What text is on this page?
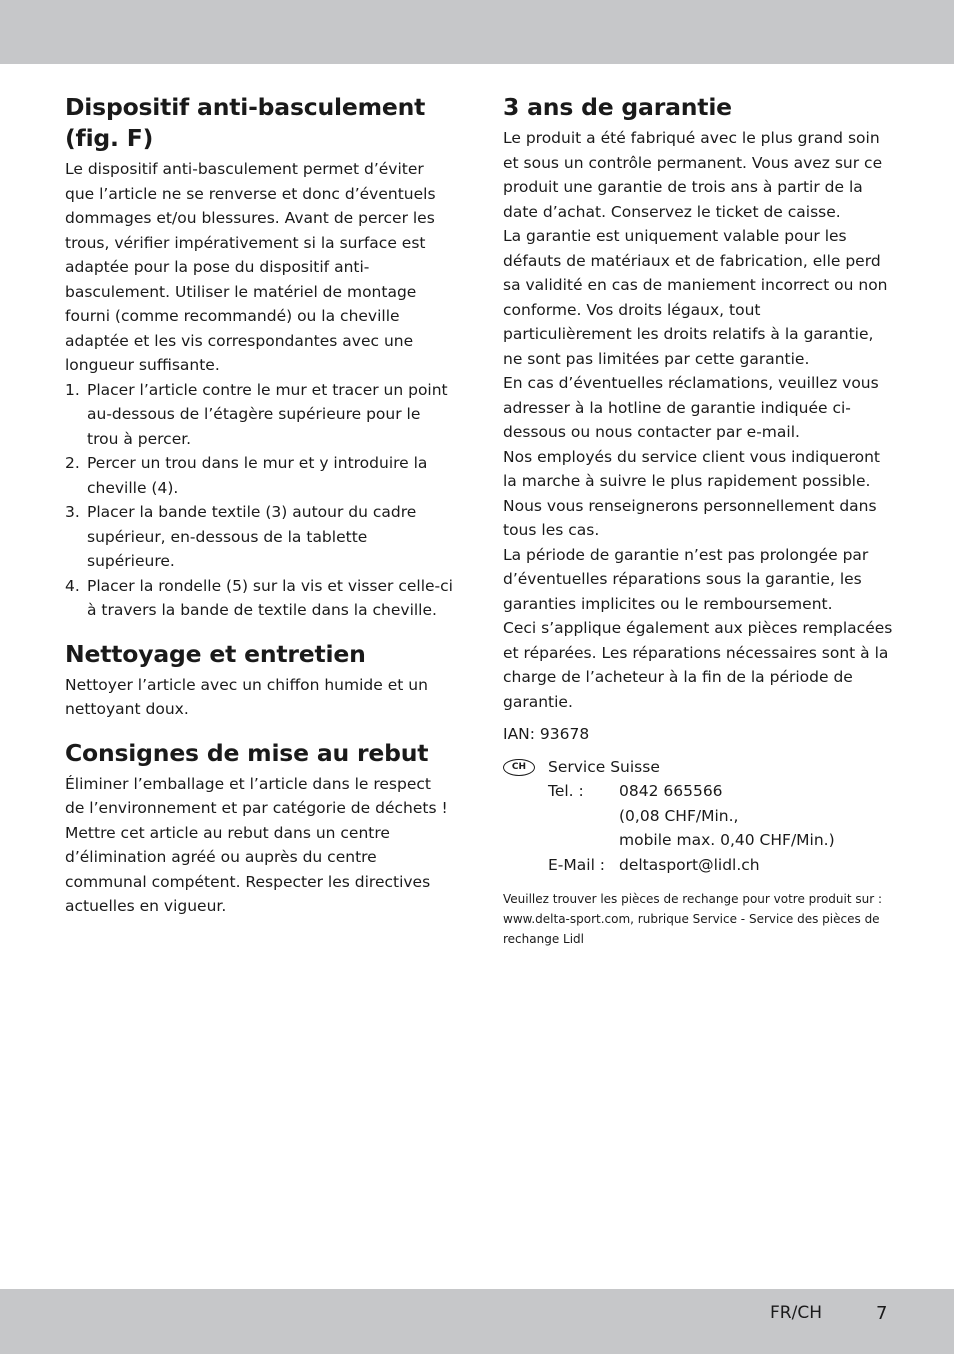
Dispositif anti-basculement (fig. F)

Le dispositif anti-basculement permet d’éviter que l’article ne se renverse et donc d’éventuels dommages et/ou blessures. Avant de percer les trous, vérifier impérativement si la surface est adaptée pour la pose du dispositif anti-basculement. Utiliser le matériel de montage fourni (comme recommandé) ou la cheville adaptée et les vis correspondantes avec une longueur suffisante.

1. Placer l’article contre le mur et tracer un point au-dessous de l’étagère supérieure pour le trou à percer.
2. Percer un trou dans le mur et y introduire la cheville (4).
3. Placer la bande textile (3) autour du cadre supérieur, en-dessous de la tablette supérieure.
4. Placer la rondelle (5) sur la vis et visser celle-ci à travers la bande de textile dans la cheville.
Nettoyage et entretien

Nettoyer l’article avec un chiffon humide et un nettoyant doux.

Consignes de mise au rebut

Éliminer l’emballage et l’article dans le respect de l’environnement et par catégorie de déchets ! Mettre cet article au rebut dans un centre d’élimination agréé ou auprès du centre communal compétent. Respecter les directives actuelles en vigueur.

3 ans de garantie

Le produit a été fabriqué avec le plus grand soin et sous un contrôle permanent. Vous avez sur ce produit une garantie de trois ans à partir de la date d’achat. Conservez le ticket de caisse.

La garantie est uniquement valable pour les défauts de matériaux et de fabrication, elle perd sa validité en cas de maniement incorrect ou non conforme. Vos droits légaux, tout particulièrement les droits relatifs à la garantie, ne sont pas limitées par cette garantie.

En cas d’éventuelles réclamations, veuillez vous adresser à la hotline de garantie indiquée ci-dessous ou nous contacter par e-mail.

Nos employés du service client vous indiqueront la marche à suivre le plus rapidement possible. Nous vous renseignerons personnellement dans tous les cas.

La période de garantie n’est pas prolongée par d’éventuelles réparations sous la garantie, les garanties implicites ou le remboursement.

Ceci s’applique également aux pièces remplacées et réparées. Les réparations nécessaires sont à la charge de l’acheteur à la fin de la période de garantie.

IAN: 93678
CH	Service Suisse
Tel. :	0842 665566
(0,08 CHF/Min.,
mobile max. 0,40 CHF/Min.)
E-Mail : deltasport@lidl.ch

Veuillez trouver les pièces de rechange pour votre produit sur : www.delta-sport.com, rubrique Service - Service des pièces de rechange Lidl

FR/CH	7
